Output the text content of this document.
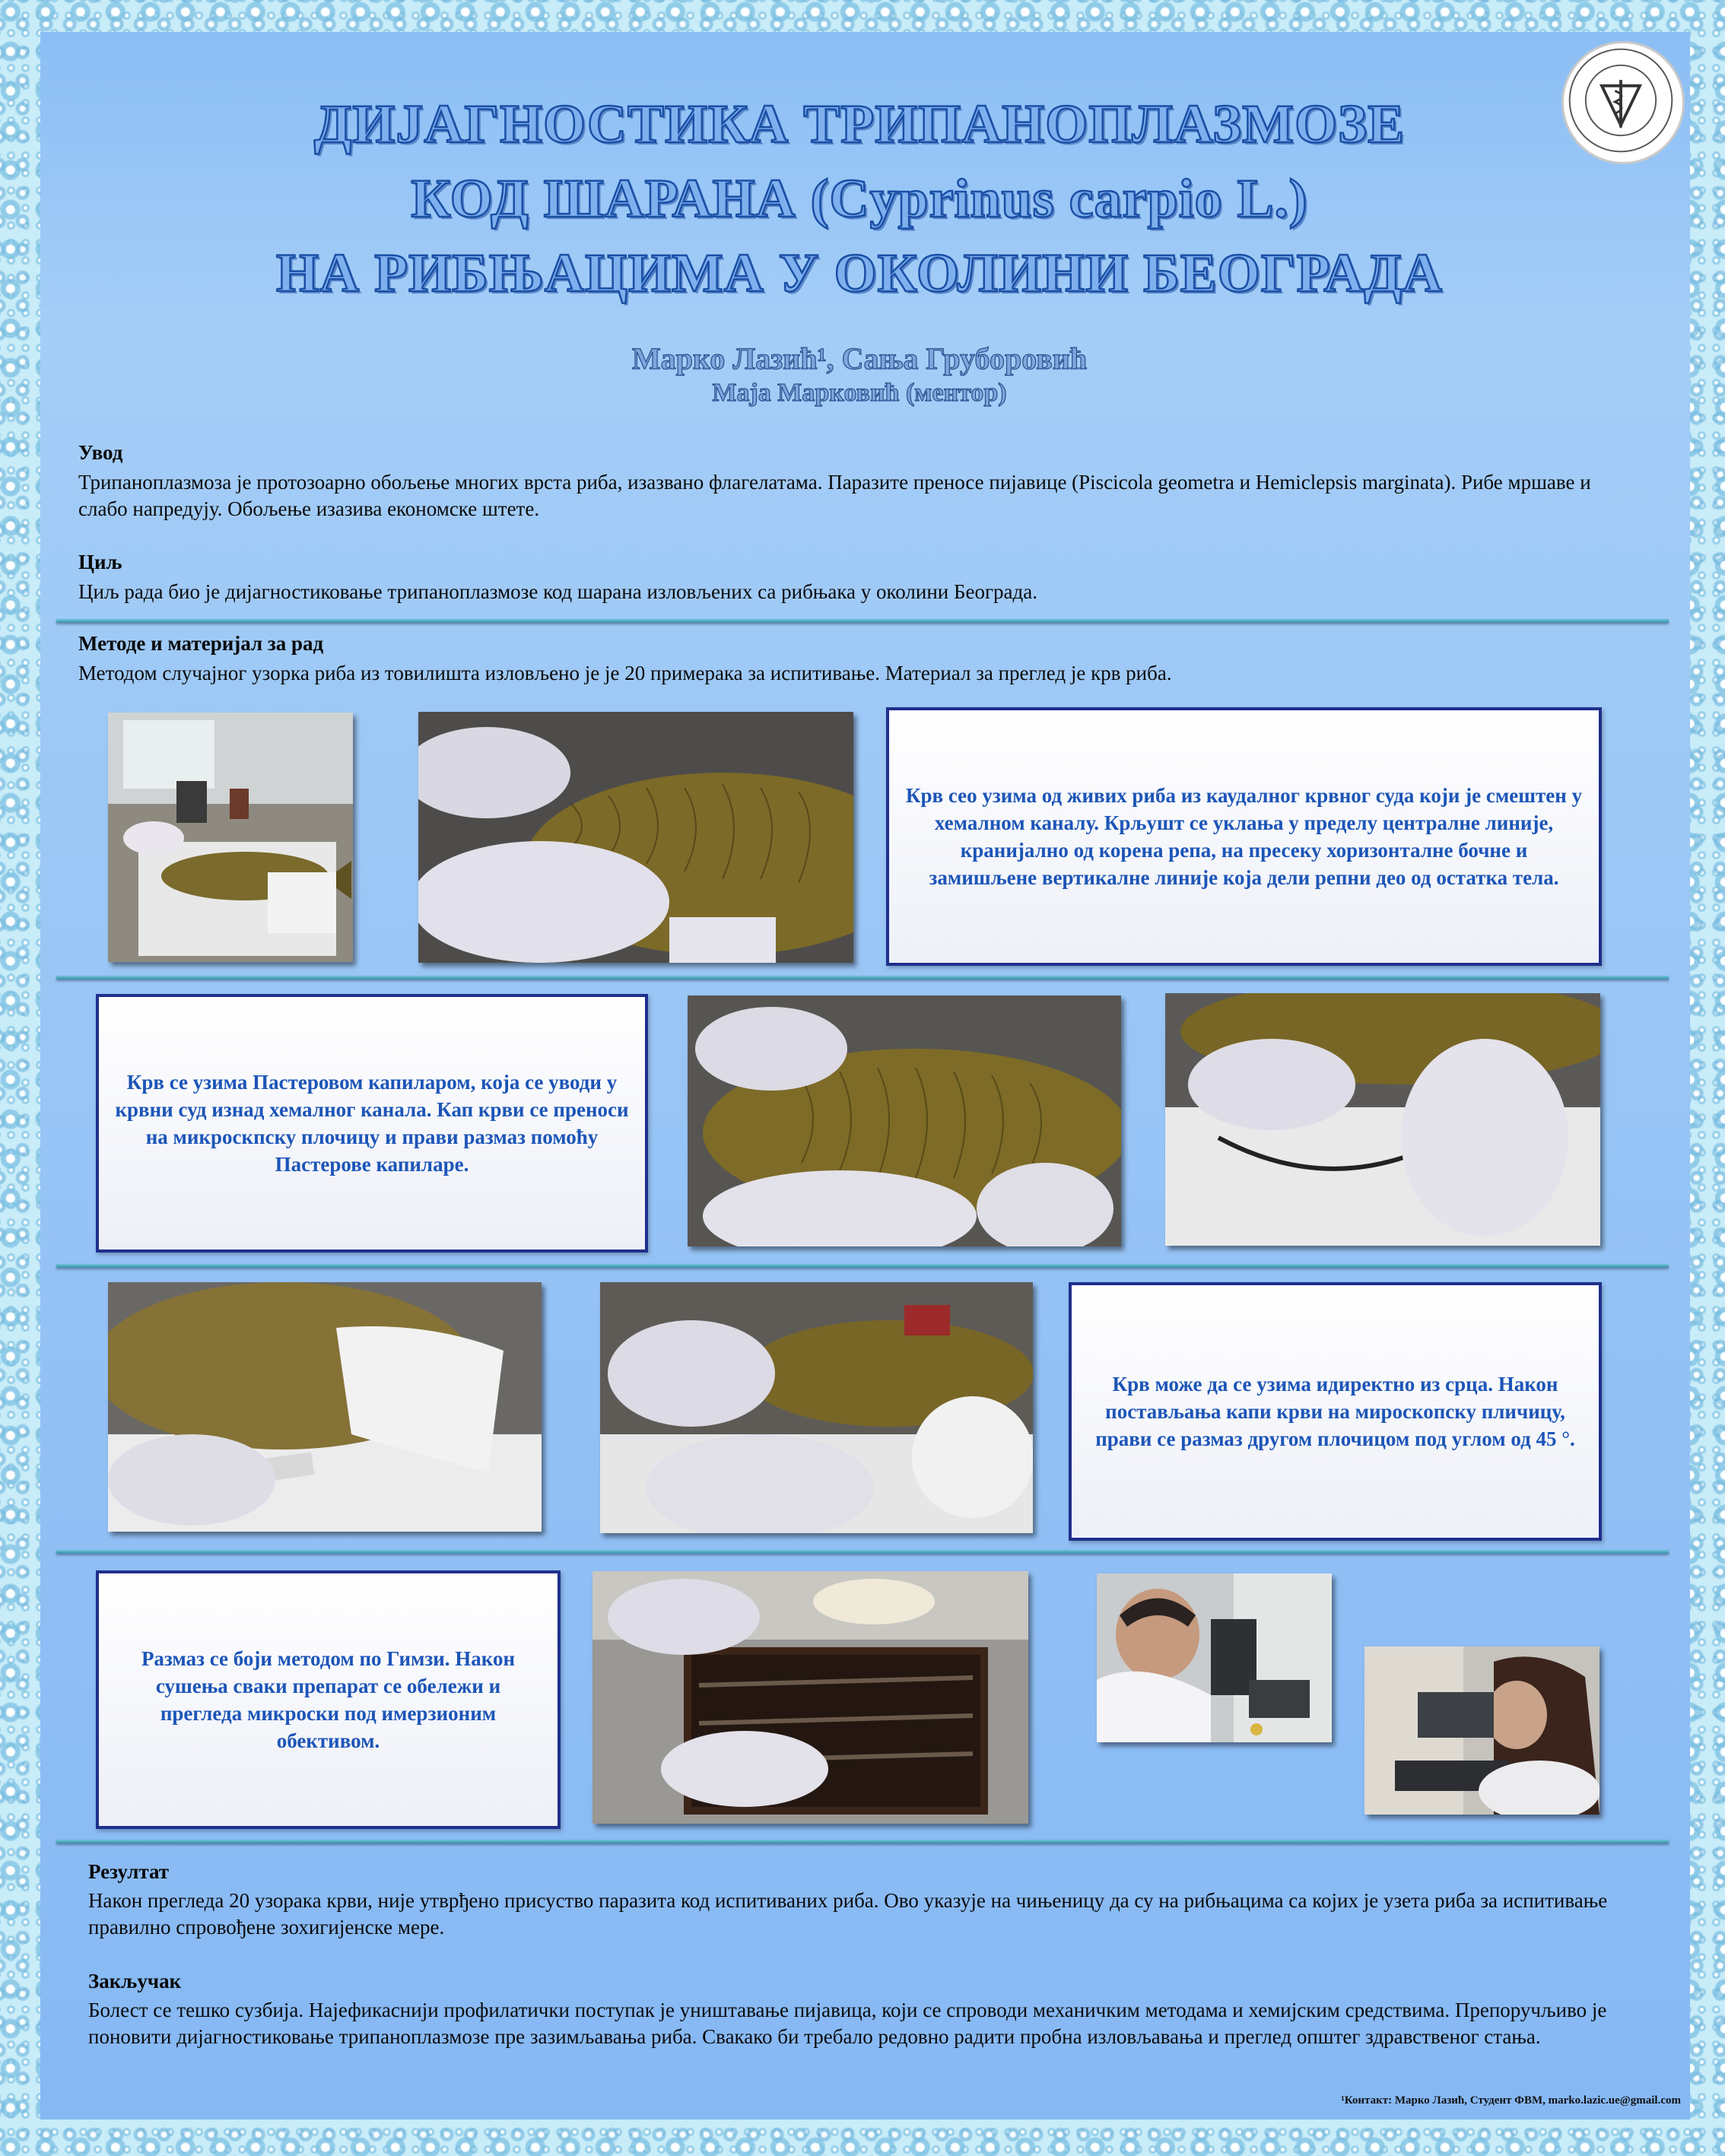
ДИЈАГНОСТИКА ТРИПАНОПЛАЗМОЗЕ
КОД ШАРАНА (Cyprinus carpio L.)
НА РИБЊАЦИМА У ОКОЛИНИ БЕОГРАДА
Марко Лазић¹, Сања Груборовић
Маја Марковић (ментор)
Увод
Трипаноплазмоза је протозоарно обољење многих врста риба, изазвано флагелатама. Паразите преносе пијавице (Piscicola geometra и Hemiclepsis marginata). Рибе мршаве и слабо напредују. Обољење изазива економске штете.
Циљ
Циљ рада био је дијагностиковање трипаноплазмозе код шарана изловљених са рибњака у околини Београда.
Методе и материјал за рад
Методом случајног узорка риба из товилишта изловљено је је 20 примерака за испитивање. Материал за преглед је крв риба.
Крв сео узима од живих риба из каудалног крвног суда који је смештен у хемалном каналу. Крљушт се уклања у пределу централне линије, кранијално од корена репа, на пресеку хоризонталне бочне и замишљене вертикалне линије која дели репни део од остатка тела.
Крв се узима Пастеровом капиларом, која се уводи у крвни суд изнад хемалног канала. Кап крви се преноси на микроскпску плочицу и прави размаз помоћу Пастерове капиларе.
Крв може да се узима идиректно из срца. Након постављања капи крви на мироскопску пличицу, прави се размаз другом плочицом под углом од 45 °.
Размаз се боји методом по Гимзи. Након сушења сваки препарат се обележи и прегледа микроски под имерзионим обективом.
Резултат
Након прегледа 20 узорака крви, није утврђено присуство паразита код испитиваних риба. Ово указује на чињеницу да су на рибњацима са којих је узета риба за испитивање правилно спровођене зохигијенске мере.
Закључак
Болест се тешко сузбија. Најефикаснији профилатички поступак је уништавање пијавица, који се спроводи механичким методама и хемијским средствима. Препоручљиво је поновити дијагностиковање трипаноплазмозе пре зазимљавања риба. Свакако би требало редовно радити пробна изловљавања и преглед општег здравственог стања.
¹Контакт: Марко Лазић, Студент ФВМ, marko.lazic.ue@gmail.com
